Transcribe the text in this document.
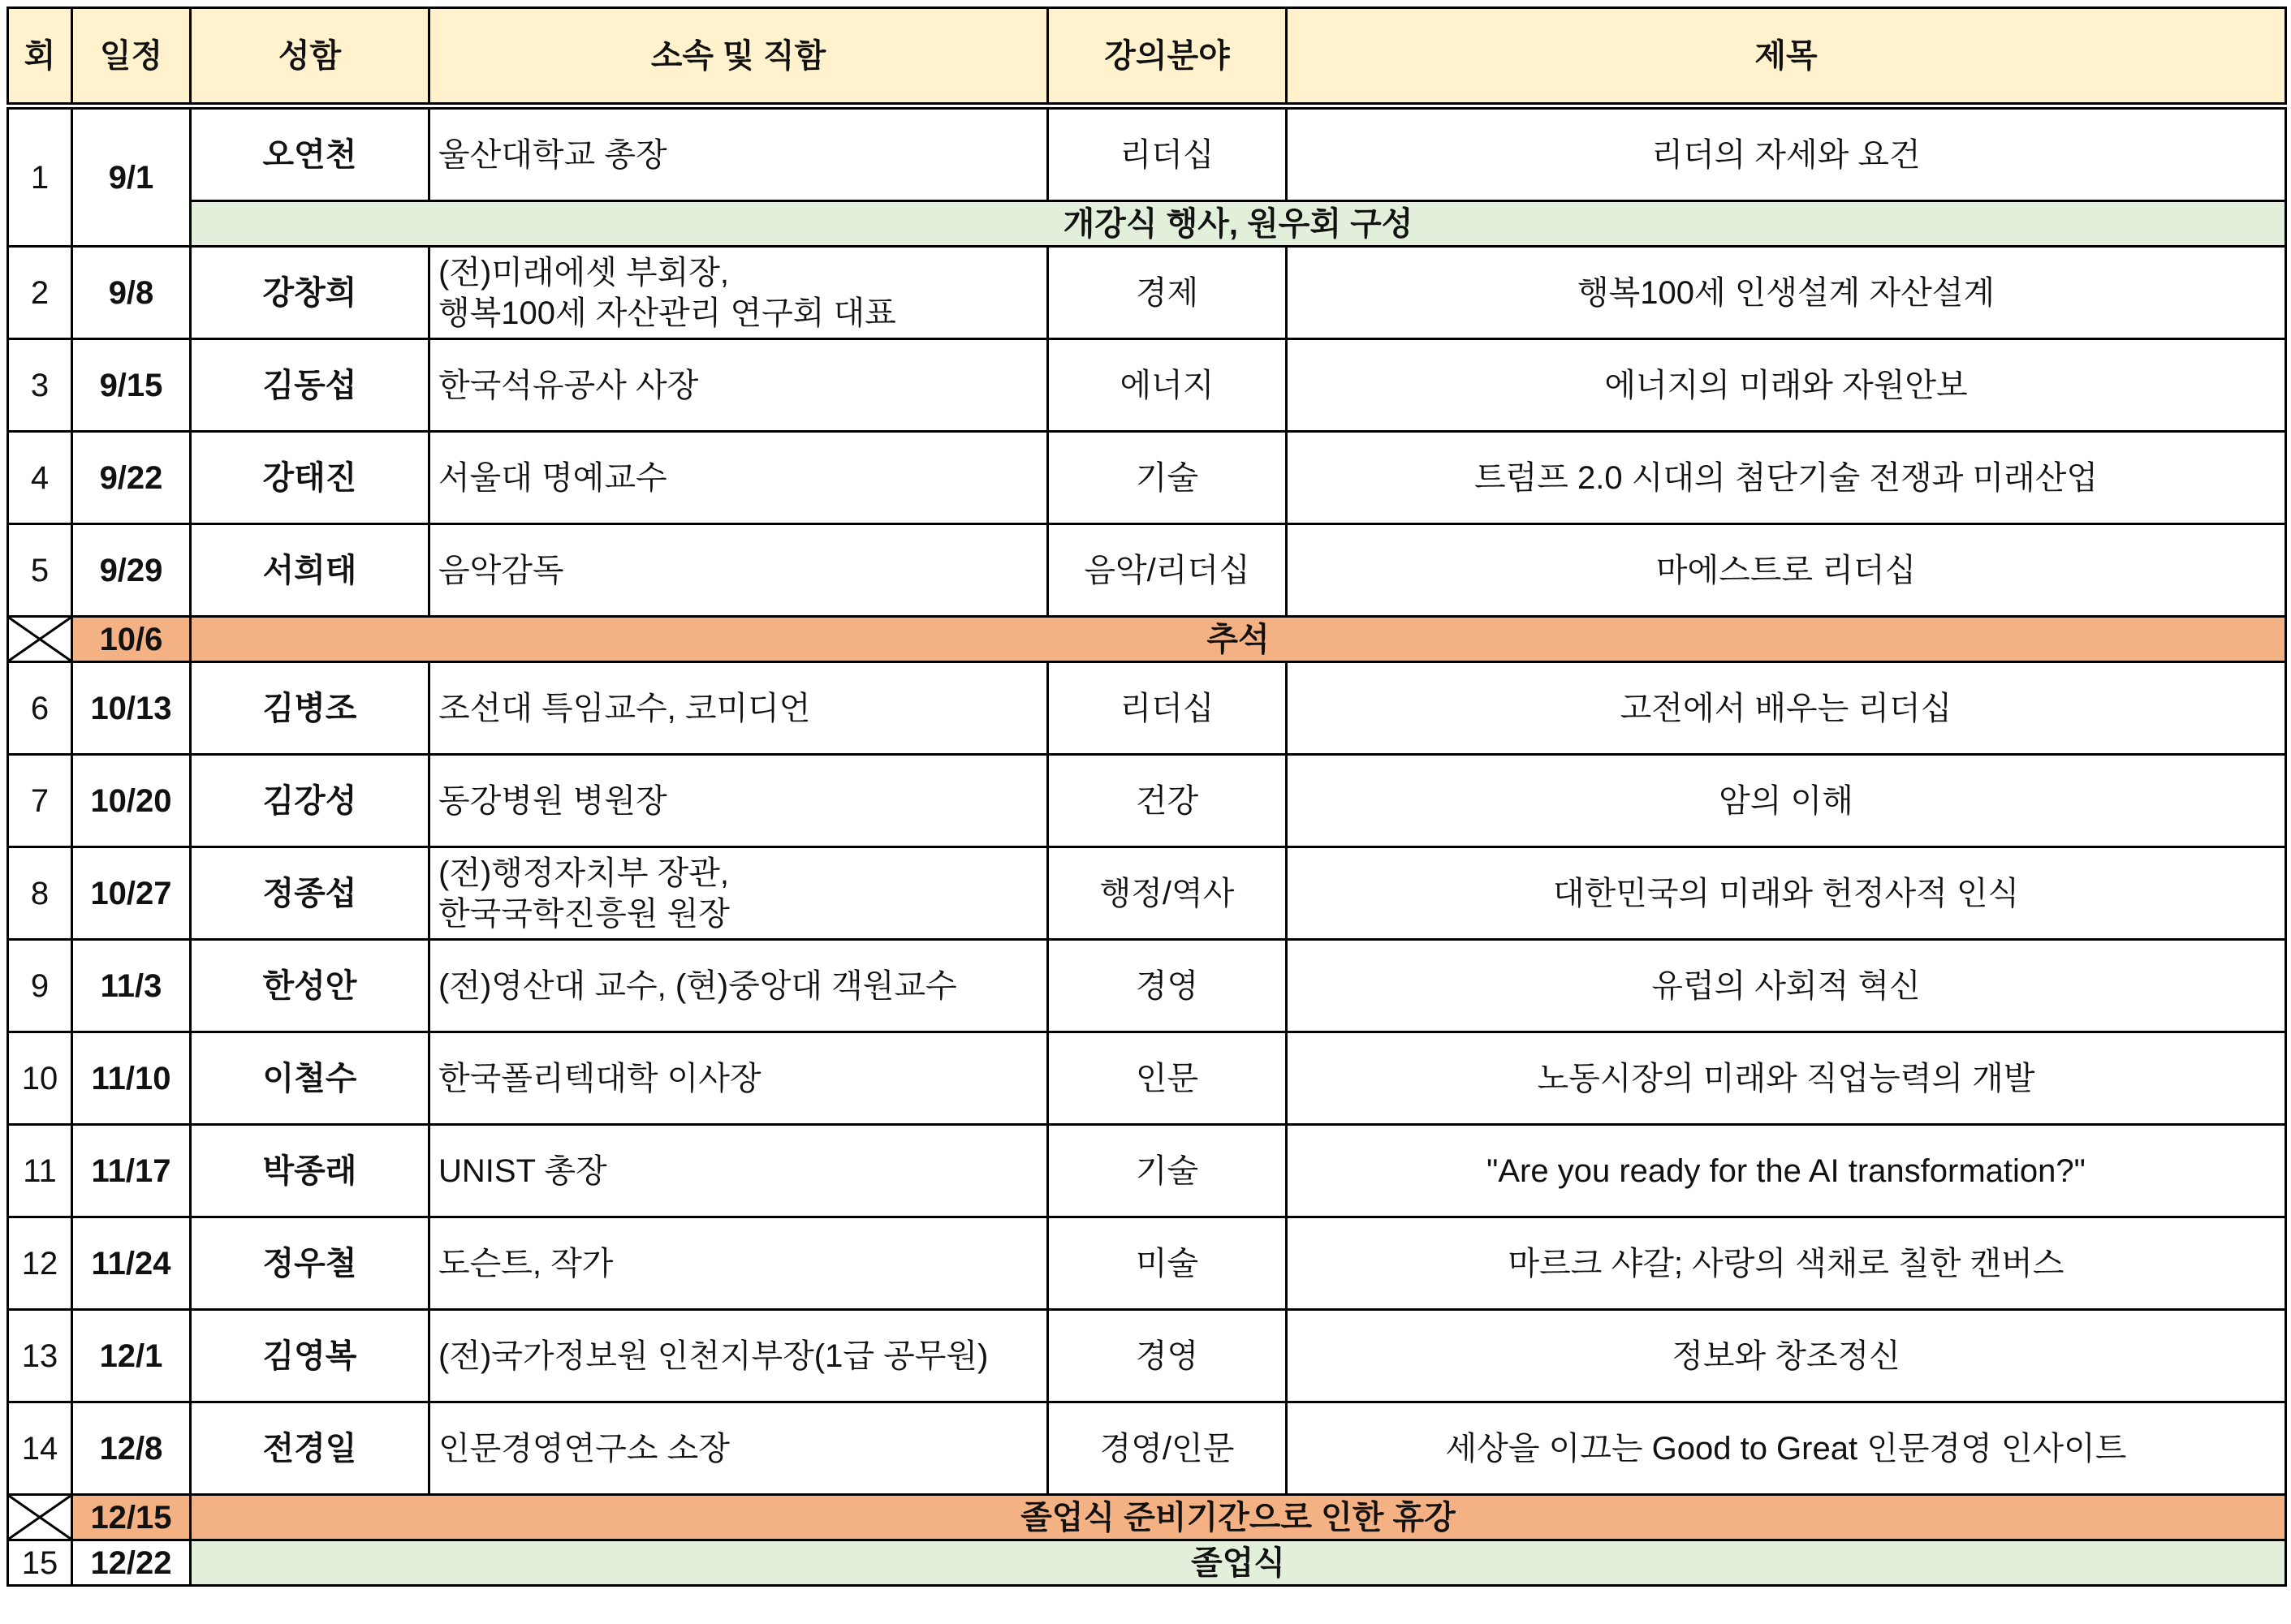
회	일정	성함	소속 및 직함	강의분야	제목
1	9/1	오연천	울산대학교 총장	리더십	리더의 자세와 요건
		개강식 행사, 원우회 구성			
2	9/8	강창희	(전)미래에셋 부회장,
행복100세 자산관리 연구회 대표	경제	행복100세 인생설계 자산설계
3	9/15	김동섭	한국석유공사 사장	에너지	에너지의 미래와 자원안보
4	9/22	강태진	서울대 명예교수	기술	트럼프 2.0 시대의 첨단기술 전쟁과 미래산업
5	9/29	서희태	음악감독	음악/리더십	마에스트로 리더십

	10/6	추석			
6	10/13	김병조	조선대 특임교수, 코미디언	리더십	고전에서 배우는 리더십
7	10/20	김강성	동강병원 병원장	건강	암의 이해
8	10/27	정종섭	(전)행정자치부 장관,
한국국학진흥원 원장	행정/역사	대한민국의 미래와 헌정사적 인식
9	11/3	한성안	(전)영산대 교수, (현)중앙대 객원교수	경영	유럽의 사회적 혁신
10	11/10	이철수	한국폴리텍대학 이사장	인문	노동시장의 미래와 직업능력의 개발
11	11/17	박종래	UNIST 총장	기술	"Are you ready for the AI transformation?"
12	11/24	정우철	도슨트, 작가	미술	마르크 샤갈; 사랑의 색채로 칠한 캔버스
13	12/1	김영복	(전)국가정보원 인천지부장(1급 공무원)	경영	정보와 창조정신
14	12/8	전경일	인문경영연구소 소장	경영/인문	세상을 이끄는 Good to Great 인문경영 인사이트

	12/15	졸업식 준비기간으로 인한 휴강			
15	12/22	졸업식			
